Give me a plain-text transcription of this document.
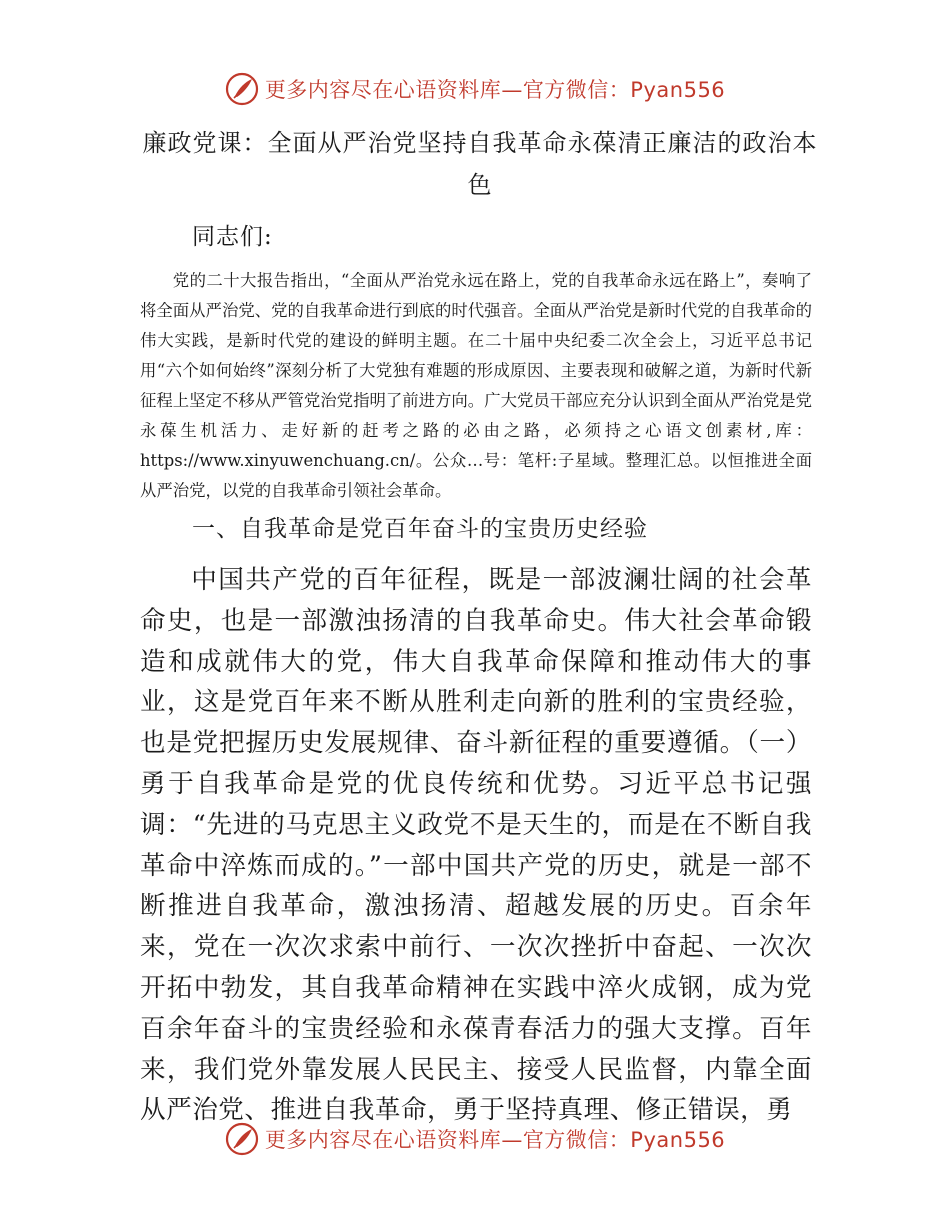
更多内容尽在心语资料库—官方微信：Pyan556
廉政党课：全面从严治党坚持自我革命永葆清正廉洁的政治本色
同志们:
党的二十大报告指出，“全面从严治党永远在路上，党的自我革命永远在路上”，奏响了将全面从严治党、党的自我革命进行到底的时代强音。全面从严治党是新时代党的自我革命的伟大实践，是新时代党的建设的鲜明主题。在二十届中央纪委二次全会上，习近平总书记用“六个如何始终”深刻分析了大党独有难题的形成原因、主要表现和破解之道，为新时代新征程上坚定不移从严管党治党指明了前进方向。广大党员干部应充分认识到全面从严治党是党永葆生机活力、走好新的赶考之路的必由之路，必须持之心语文创素材,库：https://www.xinyuwenchuang.cn/。公众…号：笔杆:子星域。整理汇总。以恒推进全面从严治党，以党的自我革命引领社会革命。
一、自我革命是党百年奋斗的宝贵历史经验
中国共产党的百年征程，既是一部波澜壮阔的社会革命史，也是一部激浊扬清的自我革命史。伟大社会革命锻造和成就伟大的党，伟大自我革命保障和推动伟大的事业，这是党百年来不断从胜利走向新的胜利的宝贵经验，也是党把握历史发展规律、奋斗新征程的重要遵循。（一）勇于自我革命是党的优良传统和优势。习近平总书记强调：“先进的马克思主义政党不是天生的，而是在不断自我革命中淬炼而成的。”一部中国共产党的历史，就是一部不断推进自我革命，激浊扬清、超越发展的历史。百余年来，党在一次次求索中前行、一次次挫折中奋起、一次次开拓中勃发，其自我革命精神在实践中淬火成钢，成为党百余年奋斗的宝贵经验和永葆青春活力的强大支撑。百年来，我们党外靠发展人民民主、接受人民监督，内靠全面从严治党、推进自我革命，勇于坚持真理、修正错误，勇
更多内容尽在心语资料库—官方微信：Pyan556
